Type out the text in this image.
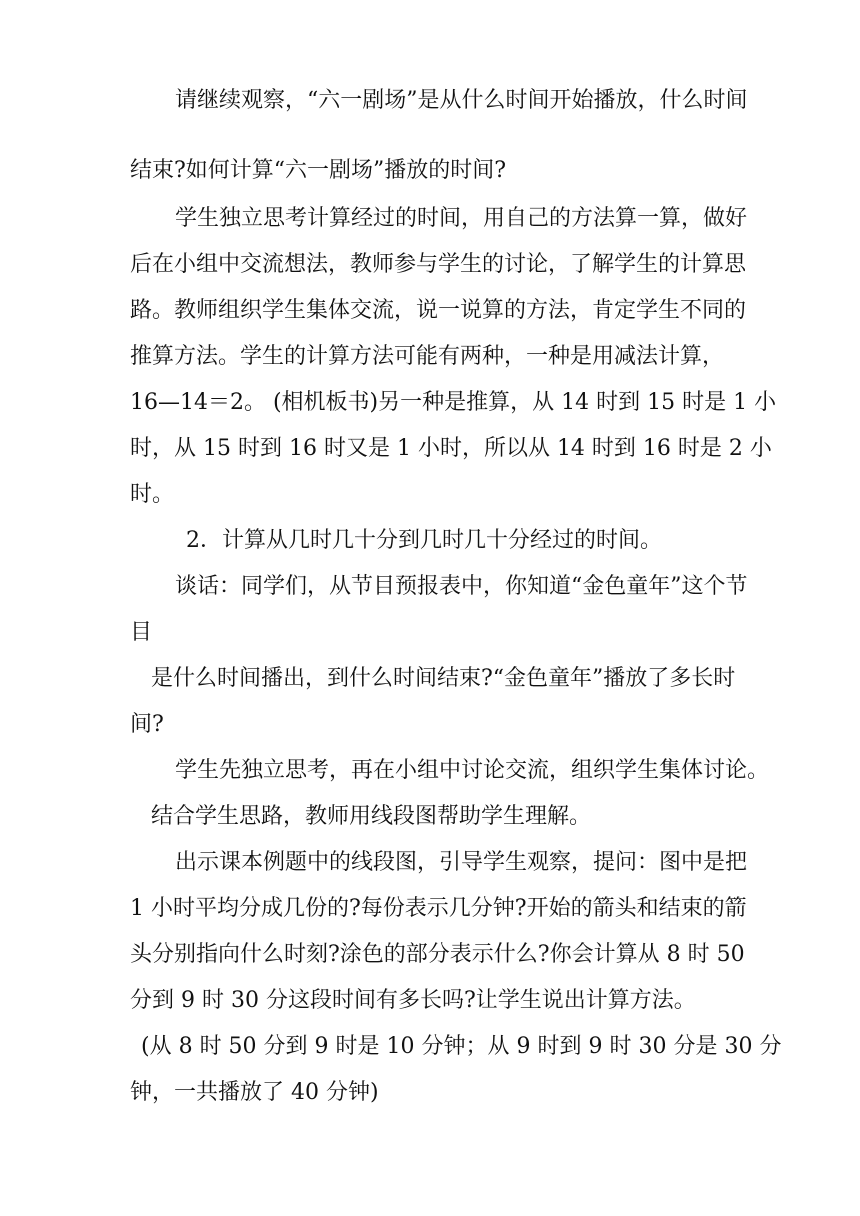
请继续观察，“六一剧场”是从什么时间开始播放，什么时间
结束?如何计算“六一剧场”播放的时间?
学生独立思考计算经过的时间，用自己的方法算一算，做好
后在小组中交流想法，教师参与学生的讨论，了解学生的计算思
路。教师组织学生集体交流，说一说算的方法，肯定学生不同的
推算方法。学生的计算方法可能有两种，一种是用减法计算，
16—14＝2。 (相机板书)另一种是推算，从 14 时到 15 时是 1 小
时，从 15 时到 16 时又是 1 小时，所以从 14 时到 16 时是 2 小
时。
2．计算从几时几十分到几时几十分经过的时间。
谈话：同学们，从节目预报表中，你知道“金色童年”这个节
目
是什么时间播出，到什么时间结束?“金色童年”播放了多长时
间?
学生先独立思考，再在小组中讨论交流，组织学生集体讨论。
结合学生思路，教师用线段图帮助学生理解。
出示课本例题中的线段图，引导学生观察，提问：图中是把
1 小时平均分成几份的?每份表示几分钟?开始的箭头和结束的箭
头分别指向什么时刻?涂色的部分表示什么?你会计算从 8 时 50
分到 9 时 30 分这段时间有多长吗?让学生说出计算方法。
(从 8 时 50 分到 9 时是 10 分钟；从 9 时到 9 时 30 分是 30 分
钟，一共播放了 40 分钟)
